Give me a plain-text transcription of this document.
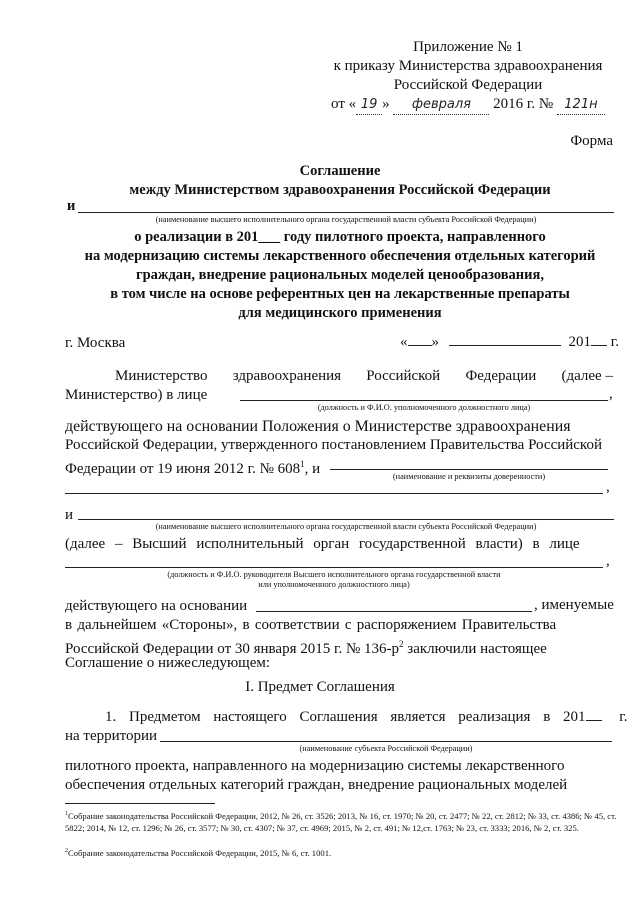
Приложение № 1
к приказу Министерства здравоохранения
Российской Федерации
от « 19 » февраля 2016 г. № 121н
Форма
Соглашение
между Министерством здравоохранения Российской Федерации
и
(наименование высшего исполнительного органа государственной власти субъекта Российской Федерации)
о реализации в 201___ году пилотного проекта, направленного
на модернизацию системы лекарственного обеспечения отдельных категорий
граждан, внедрение рациональных моделей ценообразования,
в том числе на основе референтных цен на лекарственные препараты
для медицинского применения
г. Москва	« »	201 г.
Министерство здравоохранения Российской Федерации (далее –
Министерство) в лице	,
(должность и Ф.И.О. уполномоченного должностного лица)
действующего на основании Положения о Министерстве здравоохранения
Российской Федерации, утвержденного постановлением Правительства Российской
Федерации от 19 июня 2012 г. № $608^1$, и	(наименование и реквизиты доверенности)
,
и
(наименование высшего исполнительного органа государственной власти субъекта Российской Федерации)
(далее – Высший исполнительный орган государственной власти) в лице
,
(должность и Ф.И.О. руководителя Высшего исполнительного органа государственной власти
или уполномоченного должностного лица)
действующего на основании	, именуемые
в дальнейшем «Стороны», в соответствии с распоряжением Правительства
Российской Федерации от 30 января 2015 г. № $136-р^2$ заключили настоящее
Соглашение о нижеследующем:
I. Предмет Соглашения
1. Предметом настоящего Соглашения является реализация в 201 г.
на территории
(наименование субъекта Российской Федерации)
пилотного проекта, направленного на модернизацию системы лекарственного
обеспечения отдельных категорий граждан, внедрение рациональных моделей
$^1$Собрание законодательства Российской Федерации, 2012, № 26, ст. 3526; 2013, № 16, ст. 1970; № 20, ст. 2477; № 22, ст. 2812; № 33, ст. 4386; № 45, ст. 5822; 2014, № 12, ст. 1296; № 26, ст. 3577; № 30, ст. 4307; № 37, ст. 4969; 2015, № 2, ст. 491; № 12,ст. 1763; № 23, ст. 3333; 2016, № 2, ст. 325.
$^2$Собрание законодательства Российской Федерации, 2015, № 6, ст. 1001.
